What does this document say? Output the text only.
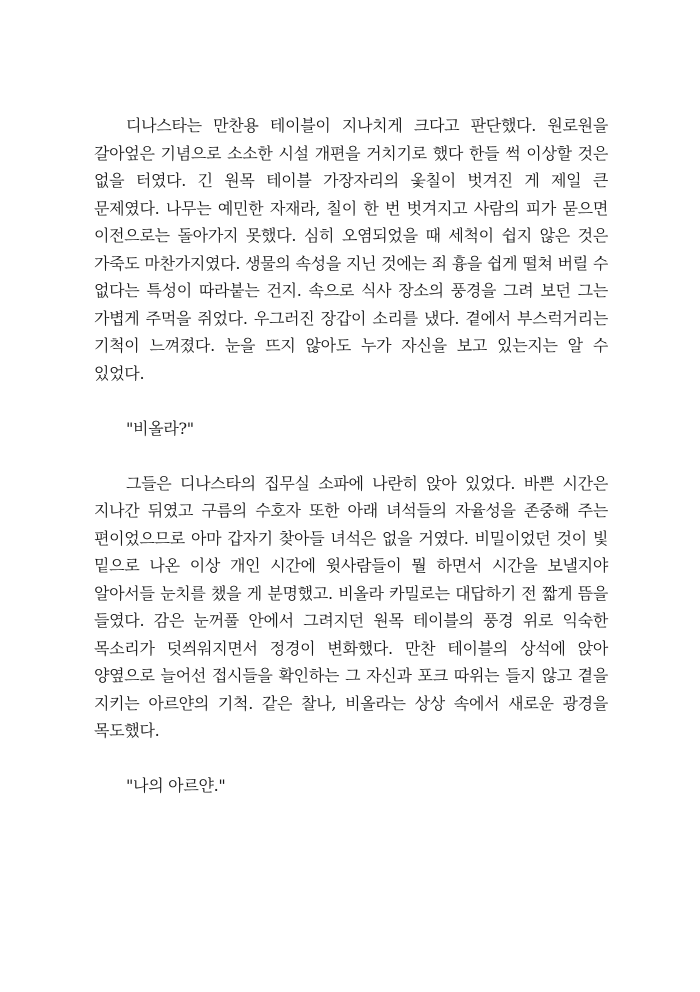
디나스타는 만찬용 테이블이 지나치게 크다고 판단했다. 원로원을 갈아엎은 기념으로 소소한 시설 개편을 거치기로 했다 한들 썩 이상할 것은 없을 터였다. 긴 원목 테이블 가장자리의 옻칠이 벗겨진 게 제일 큰 문제였다. 나무는 예민한 자재라, 칠이 한 번 벗겨지고 사람의 피가 묻으면 이전으로는 돌아가지 못했다. 심히 오염되었을 때 세척이 쉽지 않은 것은 가죽도 마찬가지였다. 생물의 속성을 지닌 것에는 죄 흉을 쉽게 떨쳐 버릴 수 없다는 특성이 따라붙는 건지. 속으로 식사 장소의 풍경을 그려 보던 그는 가볍게 주먹을 쥐었다. 우그러진 장갑이 소리를 냈다. 곁에서 부스럭거리는 기척이 느껴졌다. 눈을 뜨지 않아도 누가 자신을 보고 있는지는 알 수 있었다.

"비올라?"

그들은 디나스타의 집무실 소파에 나란히 앉아 있었다. 바쁜 시간은 지나간 뒤였고 구름의 수호자 또한 아래 녀석들의 자율성을 존중해 주는 편이었으므로 아마 갑자기 찾아들 녀석은 없을 거였다. 비밀이었던 것이 빛 밑으로 나온 이상 개인 시간에 윗사람들이 뭘 하면서 시간을 보낼지야 알아서들 눈치를 챘을 게 분명했고. 비올라 카밀로는 대답하기 전 짧게 뜸을 들였다. 감은 눈꺼풀 안에서 그려지던 원목 테이블의 풍경 위로 익숙한 목소리가 덧씌워지면서 정경이 변화했다. 만찬 테이블의 상석에 앉아 양옆으로 늘어선 접시들을 확인하는 그 자신과 포크 따위는 들지 않고 곁을 지키는 아르얀의 기척. 같은 찰나, 비올라는 상상 속에서 새로운 광경을 목도했다.

"나의 아르얀."
